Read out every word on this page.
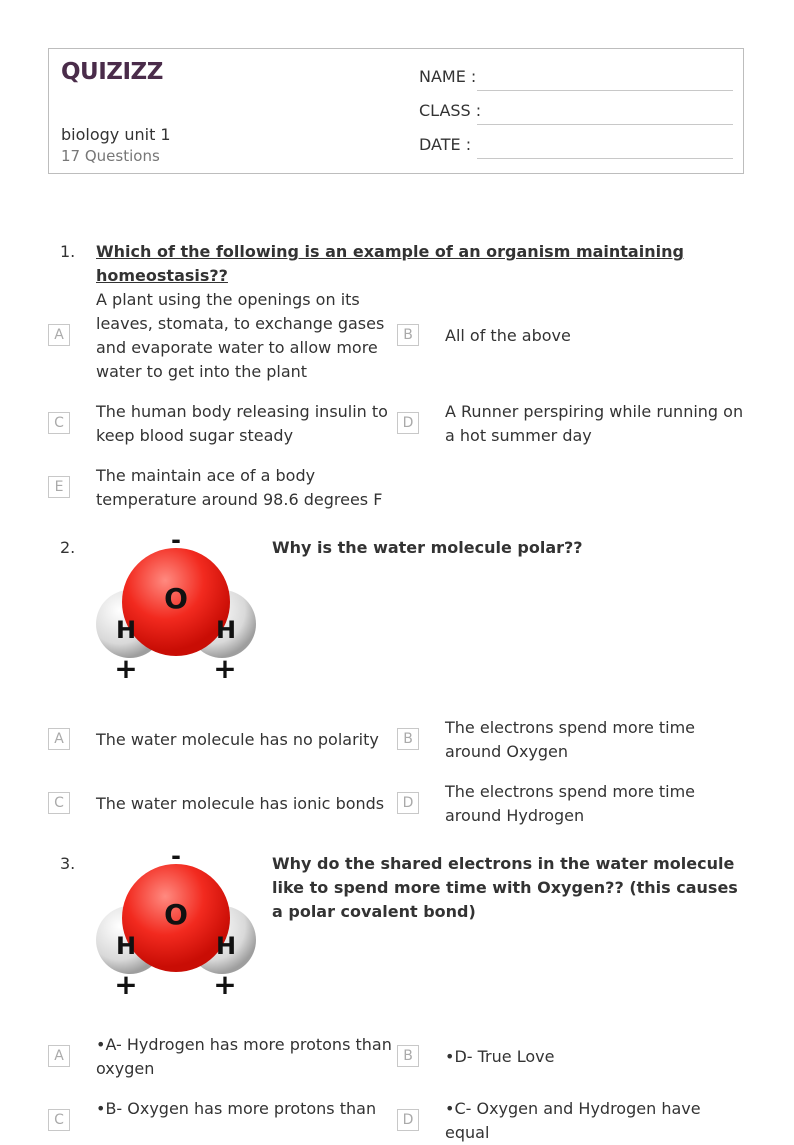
QUIZIZZ
biology unit 1
17 Questions
NAME :
CLASS :
DATE :
1. Which of the following is an example of an organism maintaining homeostasis??
A
A plant using the openings on its leaves, stomata, to exchange gases and evaporate water to allow more water to get into the plant
B	All of the above
C
The human body releasing insulin to keep blood sugar steady
D
A Runner perspiring while running on a hot summer day
E
The maintain ace of a body temperature around 98.6 degrees F
2.	-
O
H	H
+	+
Why is the water molecule polar??
A	The water molecule has no polarity	B
The electrons spend more time around Oxygen
C	The water molecule has ionic bonds	D
The electrons spend more time around Hydrogen
3.	-
O
H	H
+	+
Why do the shared electrons in the water molecule like to spend more time with Oxygen?? (this causes a polar covalent bond)
A
•A- Hydrogen has more protons than oxygen
B	•D- True Love
C
•B- Oxygen has more protons than
D
•C- Oxygen and Hydrogen have equal
